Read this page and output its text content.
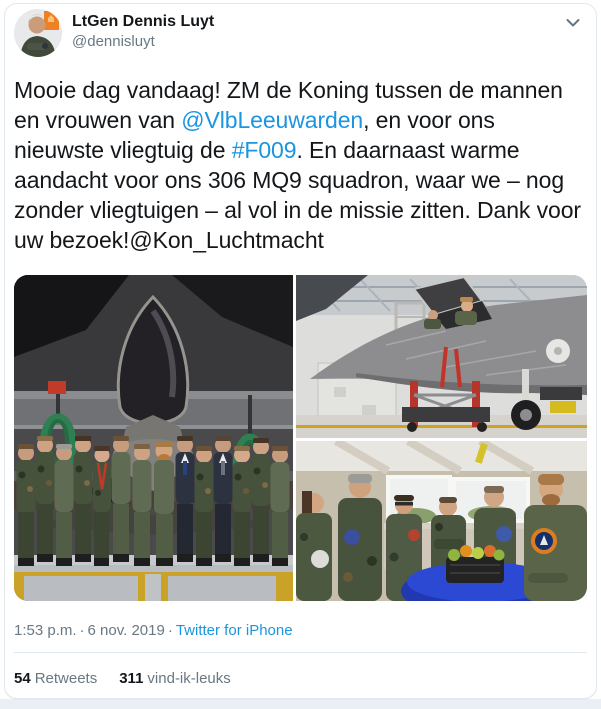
LtGen Dennis Luyt
@dennisluyt

Mooie dag vandaag! ZM de Koning tussen de mannen en vrouwen van @VlbLeeuwarden, en voor ons nieuwste vliegtuig de #F009. En daarnaast warme aandacht voor ons 306 MQ9 squadron, waar we – nog zonder vliegtuigen – al vol in de missie zitten. Dank voor uw bezoek!@Kon_Luchtmacht

1:53 p.m. · 6 nov. 2019 · Twitter for iPhone
54 Retweets 311 vind-ik-leuks
